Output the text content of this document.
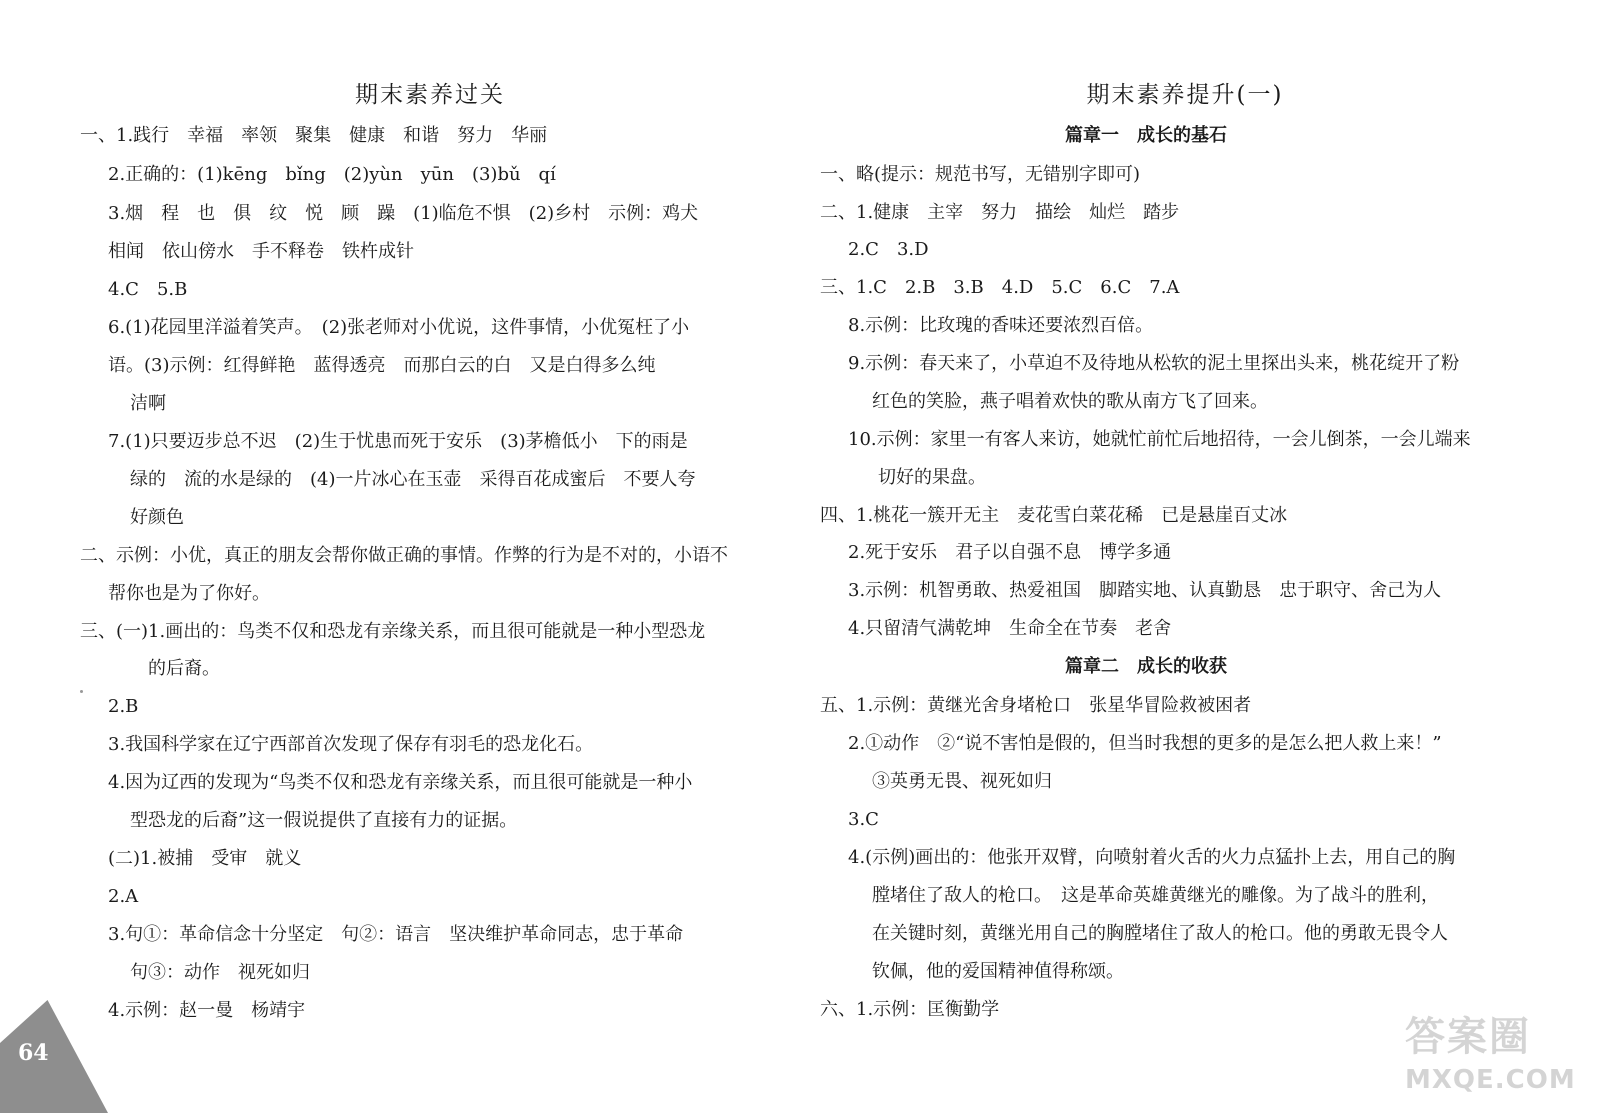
期末素养过关
一、1.践行　幸福　率领　聚集　健康　和谐　努力　华丽
2.正确的：(1)kēng　bǐng　(2)yùn　yūn　(3)bǔ　qí
3.烟　程　也　俱　纹　悦　顾　躁　(1)临危不惧　(2)乡村　示例：鸡犬
相闻　依山傍水　手不释卷　铁杵成针
4.C　5.B
6.(1)花园里洋溢着笑声。　(2)张老师对小优说，这件事情，小优冤枉了小
语。(3)示例：红得鲜艳　蓝得透亮　而那白云的白　又是白得多么纯
洁啊
7.(1)只要迈步总不迟　(2)生于忧患而死于安乐　(3)茅檐低小　下的雨是
绿的　流的水是绿的　(4)一片冰心在玉壶　采得百花成蜜后　不要人夸
好颜色
二、示例：小优，真正的朋友会帮你做正确的事情。作弊的行为是不对的，小语不
帮你也是为了你好。
三、(一)1.画出的：鸟类不仅和恐龙有亲缘关系，而且很可能就是一种小型恐龙
的后裔。
2.B
3.我国科学家在辽宁西部首次发现了保存有羽毛的恐龙化石。
4.因为辽西的发现为“鸟类不仅和恐龙有亲缘关系，而且很可能就是一种小
型恐龙的后裔”这一假说提供了直接有力的证据。
(二)1.被捕　受审　就义
2.A
3.句①：革命信念十分坚定　句②：语言　坚决维护革命同志，忠于革命
句③：动作　视死如归
4.示例：赵一曼　杨靖宇
64
期末素养提升(一)
篇章一　成长的基石
一、略(提示：规范书写，无错别字即可)
二、1.健康　主宰　努力　描绘　灿烂　踏步
2.C　3.D
三、1.C　2.B　3.B　4.D　5.C　6.C　7.A
8.示例：比玫瑰的香味还要浓烈百倍。
9.示例：春天来了，小草迫不及待地从松软的泥土里探出头来，桃花绽开了粉
红色的笑脸，燕子唱着欢快的歌从南方飞了回来。
10.示例：家里一有客人来访，她就忙前忙后地招待，一会儿倒茶，一会儿端来
切好的果盘。
四、1.桃花一簇开无主　麦花雪白菜花稀　已是悬崖百丈冰
2.死于安乐　君子以自强不息　博学多通
3.示例：机智勇敢、热爱祖国　脚踏实地、认真勤恳　忠于职守、舍己为人
4.只留清气满乾坤　生命全在节奏　老舍
篇章二　成长的收获
五、1.示例：黄继光舍身堵枪口　张星华冒险救被困者
2.①动作　②“说不害怕是假的，但当时我想的更多的是怎么把人救上来！”
③英勇无畏、视死如归
3.C
4.(示例)画出的：他张开双臂，向喷射着火舌的火力点猛扑上去，用自己的胸
膛堵住了敌人的枪口。　这是革命英雄黄继光的雕像。为了战斗的胜利，
在关键时刻，黄继光用自己的胸膛堵住了敌人的枪口。他的勇敢无畏令人
钦佩，他的爱国精神值得称颂。
六、1.示例：匡衡勤学
答案圈
MXQE.COM
